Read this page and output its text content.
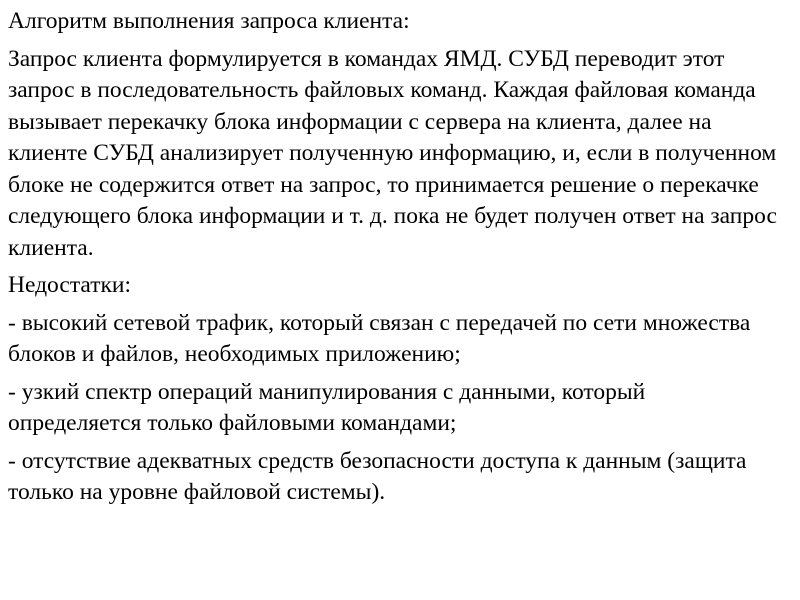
Алгоритм выполнения запроса клиента:

Запрос клиента формулируется в командах ЯМД. СУБД переводит этот запрос в последовательность файловых команд. Каждая файловая команда вызывает перекачку блока информации с сервера на клиента, далее на клиенте СУБД анализирует полученную информацию, и, если в полученном блоке не содержится ответ на запрос, то принимается решение о перекачке следующего блока информации и т. д. пока не будет получен ответ на запрос клиента.

Недостатки:

- высокий сетевой трафик, который связан с передачей по сети множества блоков и файлов, необходимых приложению;

- узкий спектр операций манипулирования с данными, который определяется только файловыми командами;

- отсутствие адекватных средств безопасности доступа к данным (защита только на уровне файловой системы).
